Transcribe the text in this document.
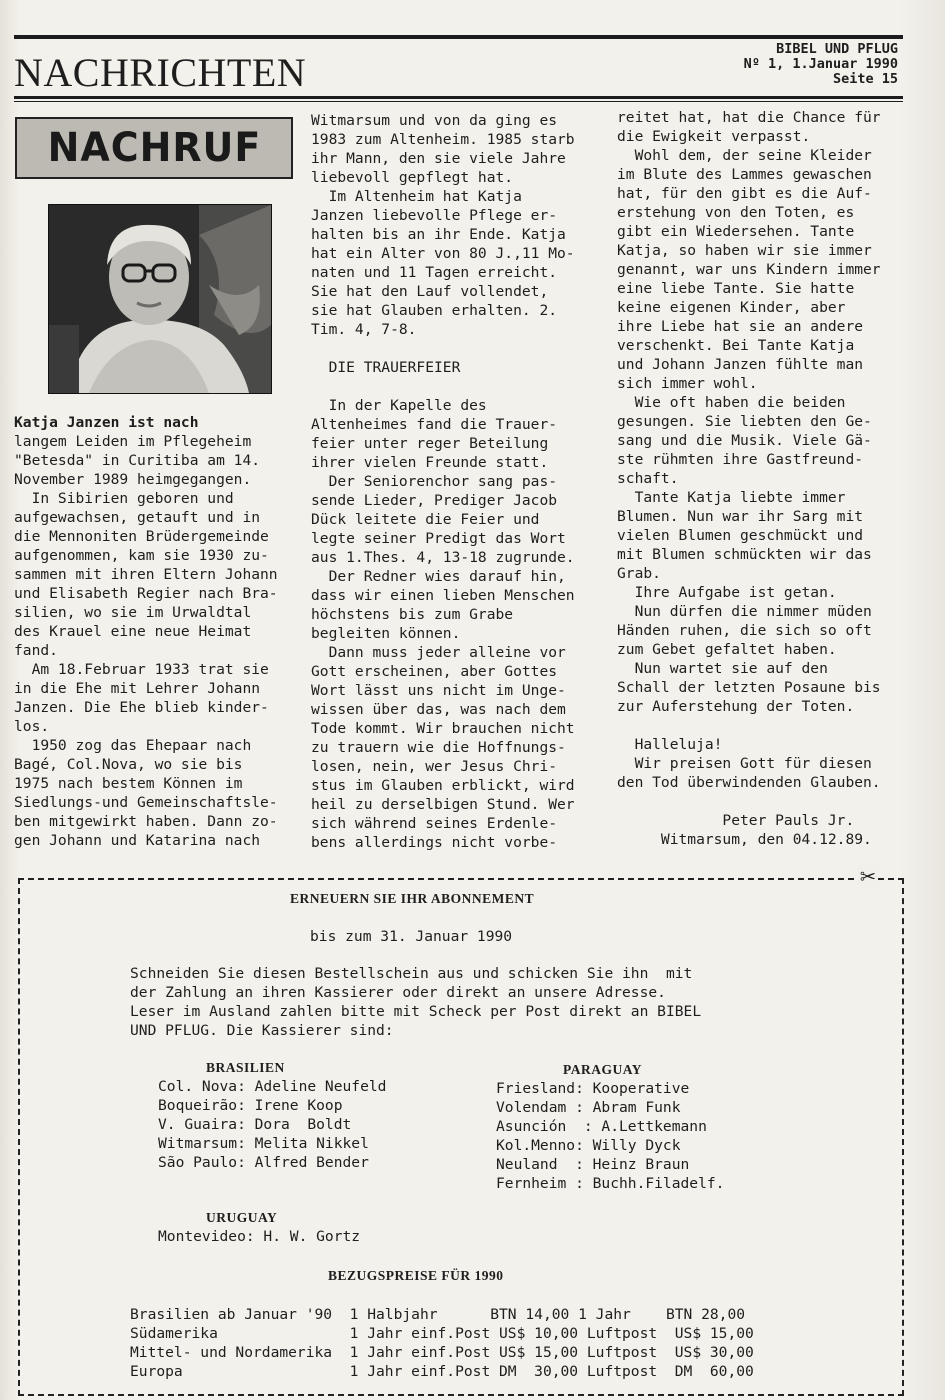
NACHRICHTEN
BIBEL UND PFLUG
Nº 1, 1.Januar 1990
Seite 15
NACHRUF

Katja Janzen ist nach

langem Leiden im Pflegeheim

"Betesda" in Curitiba am 14.

November 1989 heimgegangen.

In Sibirien geboren und

aufgewachsen, getauft und in

die Mennoniten Brüdergemeinde

aufgenommen, kam sie 1930 zu-

sammen mit ihren Eltern Johann

und Elisabeth Regier nach Bra-

silien, wo sie im Urwaldtal

des Krauel eine neue Heimat

fand.

Am 18.Februar 1933 trat sie

in die Ehe mit Lehrer Johann

Janzen. Die Ehe blieb kinder-

los.

1950 zog das Ehepaar nach

Bagé, Col.Nova, wo sie bis

1975 nach bestem Können im

Siedlungs-und Gemeinschaftsle-

ben mitgewirkt haben. Dann zo-

gen Johann und Katarina nach

Witmarsum und von da ging es

1983 zum Altenheim. 1985 starb

ihr Mann, den sie viele Jahre

liebevoll gepflegt hat.

Im Altenheim hat Katja

Janzen liebevolle Pflege er-

halten bis an ihr Ende. Katja

hat ein Alter von 80 J.,11 Mo-

naten und 11 Tagen erreicht.

Sie hat den Lauf vollendet,

sie hat Glauben erhalten. 2.

Tim. 4, 7-8.

DIE TRAUERFEIER

In der Kapelle des

Altenheimes fand die Trauer-

feier unter reger Beteilung

ihrer vielen Freunde statt.

Der Seniorenchor sang pas-

sende Lieder, Prediger Jacob

Dück leitete die Feier und

legte seiner Predigt das Wort

aus 1.Thes. 4, 13-18 zugrunde.

Der Redner wies darauf hin,

dass wir einen lieben Menschen

höchstens bis zum Grabe

begleiten können.

Dann muss jeder alleine vor

Gott erscheinen, aber Gottes

Wort lässt uns nicht im Unge-

wissen über das, was nach dem

Tode kommt. Wir brauchen nicht

zu trauern wie die Hoffnungs-

losen, nein, wer Jesus Chri-

stus im Glauben erblickt, wird

heil zu derselbigen Stund. Wer

sich während seines Erdenle-

bens allerdings nicht vorbe-

reitet hat, hat die Chance für

die Ewigkeit verpasst.

Wohl dem, der seine Kleider

im Blute des Lammes gewaschen

hat, für den gibt es die Auf-

erstehung von den Toten, es

gibt ein Wiedersehen. Tante

Katja, so haben wir sie immer

genannt, war uns Kindern immer

eine liebe Tante. Sie hatte

keine eigenen Kinder, aber

ihre Liebe hat sie an andere

verschenkt. Bei Tante Katja

und Johann Janzen fühlte man

sich immer wohl.

Wie oft haben die beiden

gesungen. Sie liebten den Ge-

sang und die Musik. Viele Gä-

ste rühmten ihre Gastfreund-

schaft.

Tante Katja liebte immer

Blumen. Nun war ihr Sarg mit

vielen Blumen geschmückt und

mit Blumen schmückten wir das

Grab.

Ihre Aufgabe ist getan.

Nun dürfen die nimmer müden

Händen ruhen, die sich so oft

zum Gebet gefaltet haben.

Nun wartet sie auf den

Schall der letzten Posaune bis

zur Auferstehung der Toten.

Halleluja!

Wir preisen Gott für diesen

den Tod überwindenden Glauben.

Peter Pauls Jr.

Witmarsum, den 04.12.89.

✂
ERNEUERN SIE IHR ABONNEMENT
bis zum 31. Januar 1990
Schneiden Sie diesen Bestellschein aus und schicken Sie ihn  mit
der Zahlung an ihren Kassierer oder direkt an unsere Adresse.
Leser im Ausland zahlen bitte mit Scheck per Post direkt an BIBEL
UND PFLUG. Die Kassierer sind:
BRASILIEN
Col. Nova: Adeline Neufeld
Boqueirão: Irene Koop
V. Guaira: Dora  Boldt
Witmarsum: Melita Nikkel
São Paulo: Alfred Bender
PARAGUAY
Friesland: Kooperative
Volendam : Abram Funk
Asunción  : A.Lettkemann
Kol.Menno: Willy Dyck
Neuland  : Heinz Braun
Fernheim : Buchh.Filadelf.
URUGUAY
Montevideo: H. W. Gortz
BEZUGSPREISE FÜR 1990
Brasilien ab Januar '90  1 Halbjahr      BTN 14,00 1 Jahr    BTN 28,00
Südamerika               1 Jahr einf.Post US$ 10,00 Luftpost  US$ 15,00
Mittel- und Nordamerika  1 Jahr einf.Post US$ 15,00 Luftpost  US$ 30,00
Europa                   1 Jahr einf.Post DM  30,00 Luftpost  DM  60,00
